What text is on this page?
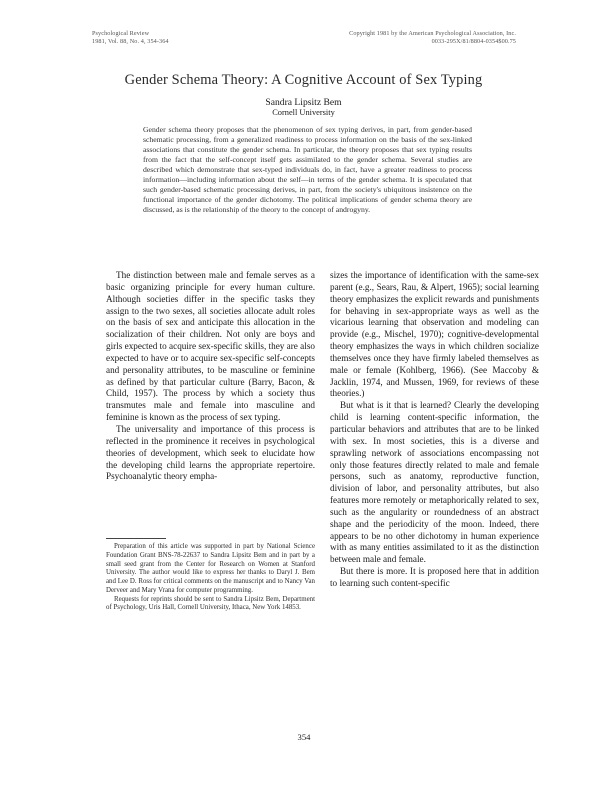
Psychological Review
1981, Vol. 88, No. 4, 354-364
Copyright 1981 by the American Psychological Association, Inc.
0033-295X/81/8804-0354$00.75
Gender Schema Theory: A Cognitive Account of Sex Typing
Sandra Lipsitz Bem
Cornell University
Gender schema theory proposes that the phenomenon of sex typing derives, in part, from gender-based schematic processing, from a generalized readiness to process information on the basis of the sex-linked associations that constitute the gender schema. In particular, the theory proposes that sex typing results from the fact that the self-concept itself gets assimilated to the gender schema. Several studies are described which demonstrate that sex-typed individuals do, in fact, have a greater readiness to process information—including information about the self—in terms of the gender schema. It is speculated that such gender-based schematic processing derives, in part, from the society's ubiquitous insistence on the functional importance of the gender dichotomy. The political implications of gender schema theory are discussed, as is the relationship of the theory to the concept of androgyny.

The distinction between male and female serves as a basic organizing principle for every human culture. Although societies differ in the specific tasks they assign to the two sexes, all societies allocate adult roles on the basis of sex and anticipate this allocation in the socialization of their children. Not only are boys and girls expected to acquire sex-specific skills, they are also expected to have or to acquire sex-specific self-concepts and personality attributes, to be masculine or feminine as defined by that particular culture (Barry, Bacon, & Child, 1957). The process by which a society thus transmutes male and female into masculine and feminine is known as the process of sex typing.

The universality and importance of this process is reflected in the prominence it receives in psychological theories of development, which seek to elucidate how the developing child learns the appropriate repertoire. Psychoanalytic theory empha-

sizes the importance of identification with the same-sex parent (e.g., Sears, Rau, & Alpert, 1965); social learning theory emphasizes the explicit rewards and punishments for behaving in sex-appropriate ways as well as the vicarious learning that observation and modeling can provide (e.g., Mischel, 1970); cognitive-developmental theory emphasizes the ways in which children socialize themselves once they have firmly labeled themselves as male or female (Kohlberg, 1966). (See Maccoby & Jacklin, 1974, and Mussen, 1969, for reviews of these theories.)

But what is it that is learned? Clearly the developing child is learning content-specific information, the particular behaviors and attributes that are to be linked with sex. In most societies, this is a diverse and sprawling network of associations encompassing not only those features directly related to male and female persons, such as anatomy, reproductive function, division of labor, and personality attributes, but also features more remotely or metaphorically related to sex, such as the angularity or roundedness of an abstract shape and the periodicity of the moon. Indeed, there appears to be no other dichotomy in human experience with as many entities assimilated to it as the distinction between male and female.

But there is more. It is proposed here that in addition to learning such content-specific

Preparation of this article was supported in part by National Science Foundation Grant BNS-78-22637 to Sandra Lipsitz Bem and in part by a small seed grant from the Center for Research on Women at Stanford University. The author would like to express her thanks to Daryl J. Bem and Lee D. Ross for critical comments on the manuscript and to Nancy Van Derveer and Mary Vrana for computer programming.

Requests for reprints should be sent to Sandra Lipsitz Bem, Department of Psychology, Uris Hall, Cornell University, Ithaca, New York 14853.

354
